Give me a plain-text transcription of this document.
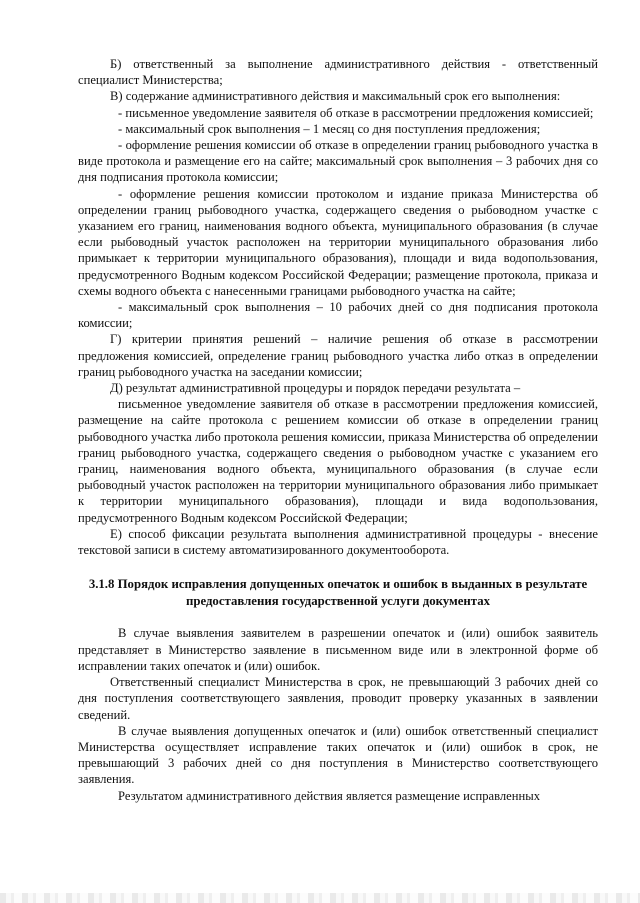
Б) ответственный за выполнение административного действия - ответственный специалист Министерства;

В) содержание административного действия и максимальный срок его выполнения:

- письменное уведомление заявителя об отказе в рассмотрении предложения комиссией;

- максимальный срок выполнения – 1 месяц со дня поступления предложения;

- оформление решения комиссии об отказе в определении границ рыбоводного участка в виде протокола и размещение его на сайте; максимальный срок выполнения – 3 рабочих дня со дня подписания протокола комиссии;

- оформление решения комиссии протоколом и издание приказа Министерства об определении границ рыбоводного участка, содержащего сведения о рыбоводном участке с указанием его границ, наименования водного объекта, муниципального образования (в случае если рыбоводный участок расположен на территории муниципального образования либо примыкает к территории муниципального образования), площади и вида водопользования, предусмотренного Водным кодексом Российской Федерации; размещение протокола, приказа и схемы водного объекта с нанесенными границами рыбоводного участка на сайте;

- максимальный срок выполнения – 10 рабочих дней со дня подписания протокола комиссии;

Г) критерии принятия решений – наличие решения об отказе в рассмотрении предложения комиссией, определение границ рыбоводного участка либо отказ в определении границ рыбоводного участка на заседании комиссии;

Д) результат административной процедуры и порядок передачи результата –

письменное уведомление заявителя об отказе в рассмотрении предложения комиссией, размещение на сайте протокола с решением комиссии об отказе в определении границ рыбоводного участка либо протокола решения комиссии, приказа Министерства об определении границ рыбоводного участка, содержащего сведения о рыбоводном участке с указанием его границ, наименования водного объекта, муниципального образования (в случае если рыбоводный участок расположен на территории муниципального образования либо примыкает к территории муниципального образования), площади и вида водопользования, предусмотренного Водным кодексом Российской Федерации;

Е) способ фиксации результата выполнения административной процедуры - внесение текстовой записи в систему автоматизированного документооборота.

3.1.8 Порядок исправления допущенных опечаток и ошибок в выданных в результате предоставления государственной услуги документах

В случае выявления заявителем в разрешении опечаток и (или) ошибок заявитель представляет в Министерство заявление в письменном виде или в электронной форме об исправлении таких опечаток и (или) ошибок.

Ответственный специалист Министерства в срок, не превышающий 3 рабочих дней со дня поступления соответствующего заявления, проводит проверку указанных в заявлении сведений.

В случае выявления допущенных опечаток и (или) ошибок ответственный специалист Министерства осуществляет исправление таких опечаток и (или) ошибок в срок, не превышающий 3 рабочих дней со дня поступления в Министерство соответствующего заявления.

Результатом административного действия является размещение исправленных
